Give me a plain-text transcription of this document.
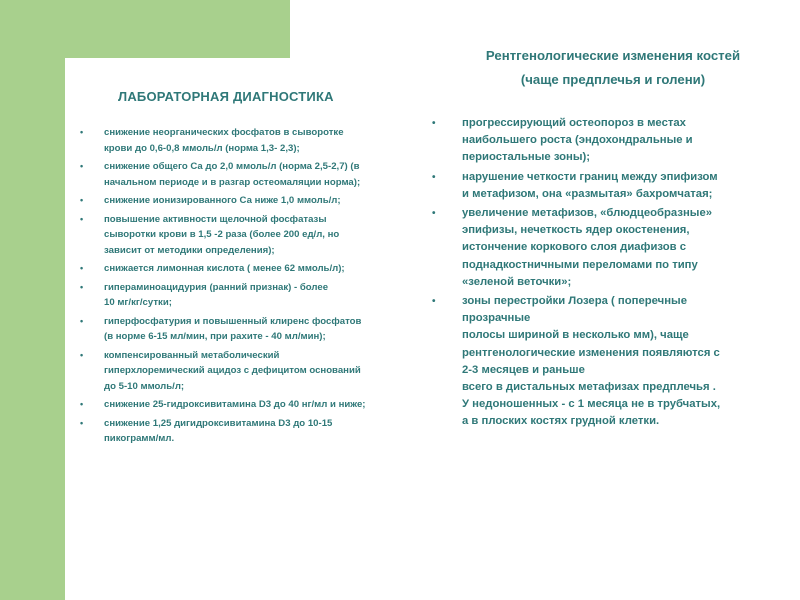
ЛАБОРАТОРНАЯ ДИАГНОСТИКА
• снижение неорганических фосфатов в сыворотке
крови до 0,6-0,8 ммоль/л (норма 1,3- 2,3);
• снижение общего Са до 2,0 ммоль/л (норма 2,5-2,7) (в
начальном периоде и в разгар остеомаляции норма);
• снижение ионизированного Са ниже 1,0 ммоль/л;
• повышение активности щелочной фосфатазы
сыворотки крови в 1,5 -2 раза (более 200 ед/л, но
зависит от методики определения);
• снижается лимонная кислота ( менее 62 ммоль/л);
• гипераминоацидурия (ранний признак) - более
10 мг/кг/сутки;
• гиперфосфатурия и повышенный клиренс фосфатов
(в норме 6-15 мл/мин, при рахите - 40 мл/мин);
• компенсированный метаболический
гиперхлоремический ацидоз с дефицитом оснований
до 5-10 ммоль/л;
• снижение 25-гидроксивитамина D3 до 40 нг/мл и ниже;
• снижение 1,25 дигидроксивитамина D3 до 10-15
пикограмм/мл.
Рентгенологические изменения костей
(чаще предплечья и голени)
• прогрессирующий остеопороз в местах
наибольшего роста (эндохондральные и
периостальные зоны);
• нарушение четкости границ между эпифизом
и метафизом, она «размытая» бахромчатая;
• увеличение метафизов, «блюдцеобразные»
эпифизы, нечеткость ядер окостенения,
истончение коркового слоя диафизов с
поднадкостничными переломами по типу
«зеленой веточки»;
• зоны перестройки Лозера ( поперечные
прозрачные
полосы шириной в несколько мм), чаще
рентгенологические изменения появляются с
2-3 месяцев и раньше
всего в дистальных метафизах предплечья .
У недоношенных - с 1 месяца не в трубчатых,
а в плоских костях грудной клетки.
